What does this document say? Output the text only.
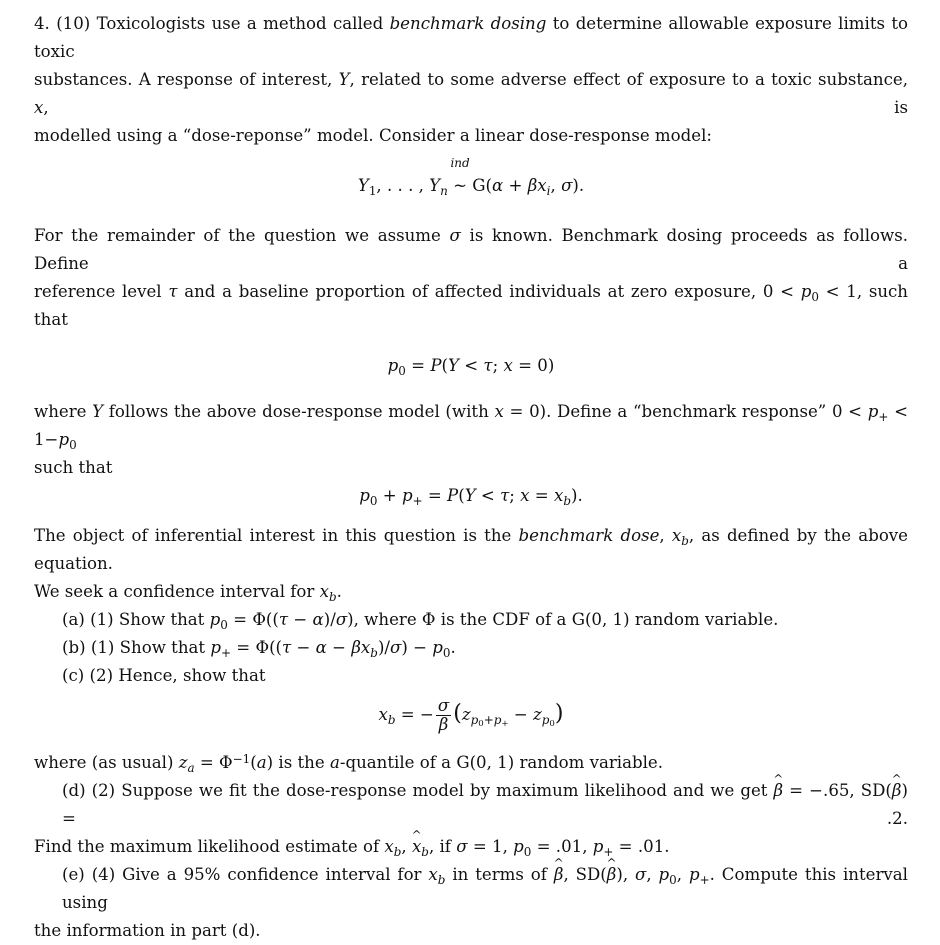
4. (10) Toxicologists use a method called benchmark dosing to determine allowable exposure limits to toxic

substances. A response of interest, Y, related to some adverse effect of exposure to a toxic substance, x, is

modelled using a “dose-reponse” model. Consider a linear dose-response model:

$Y_1$, . . . , $Y_n$
ind
~ $G(\alpha + \beta x_i$, σ).

For the remainder of the question we assume σ is known. Benchmark dosing proceeds as follows. Define a

reference level τ and a baseline proportion of affected individuals at zero exposure, $0 < p_0 < 1$, such that

$p_0 = P(Y < \tau$; x = 0)

where Y follows the above dose-response model (with x = 0). Define a “benchmark response” $0 < p_+ < 1-p_0$

such that

$p_0 + p_+ = P(Y < \tau$; $x = x_b$).

The object of inferential interest in this question is the benchmark dose, $x_b$, as defined by the above equation.

We seek a confidence interval for $x_b$.

(a) (1) Show that $p_0 = \Phi((\tau - \alpha)/\sigma)$, where Φ is the CDF of a G(0, 1) random variable.

(b) (1) Show that $p_+ = \Phi((\tau - \alpha - \beta x_b)/\sigma) - p_0$.

(c) (2) Hence, show that

$x_b$ = − $\frac{\sigma}{\beta} (z_{p_0+p_+} - z_{p_0})$

where (as usual) $z_a = \Phi^{-1}(a)$ is the a-quantile of a G(0, 1) random variable.

(d) (2) Suppose we fit the dose-response model by maximum likelihood and we get ^ β = −.65, SD(^ β) = .2.

Find the maximum likelihood estimate of $x_b$, ^ $x_b$, if σ = 1, $p_0 = .01$, $p_+ = .01$.

(e) (4) Give a 95% confidence interval for $x_b$ in terms of ^ β, SD(^ β), σ, $p_0$, $p_+$. Compute this interval using

the information in part (d).
